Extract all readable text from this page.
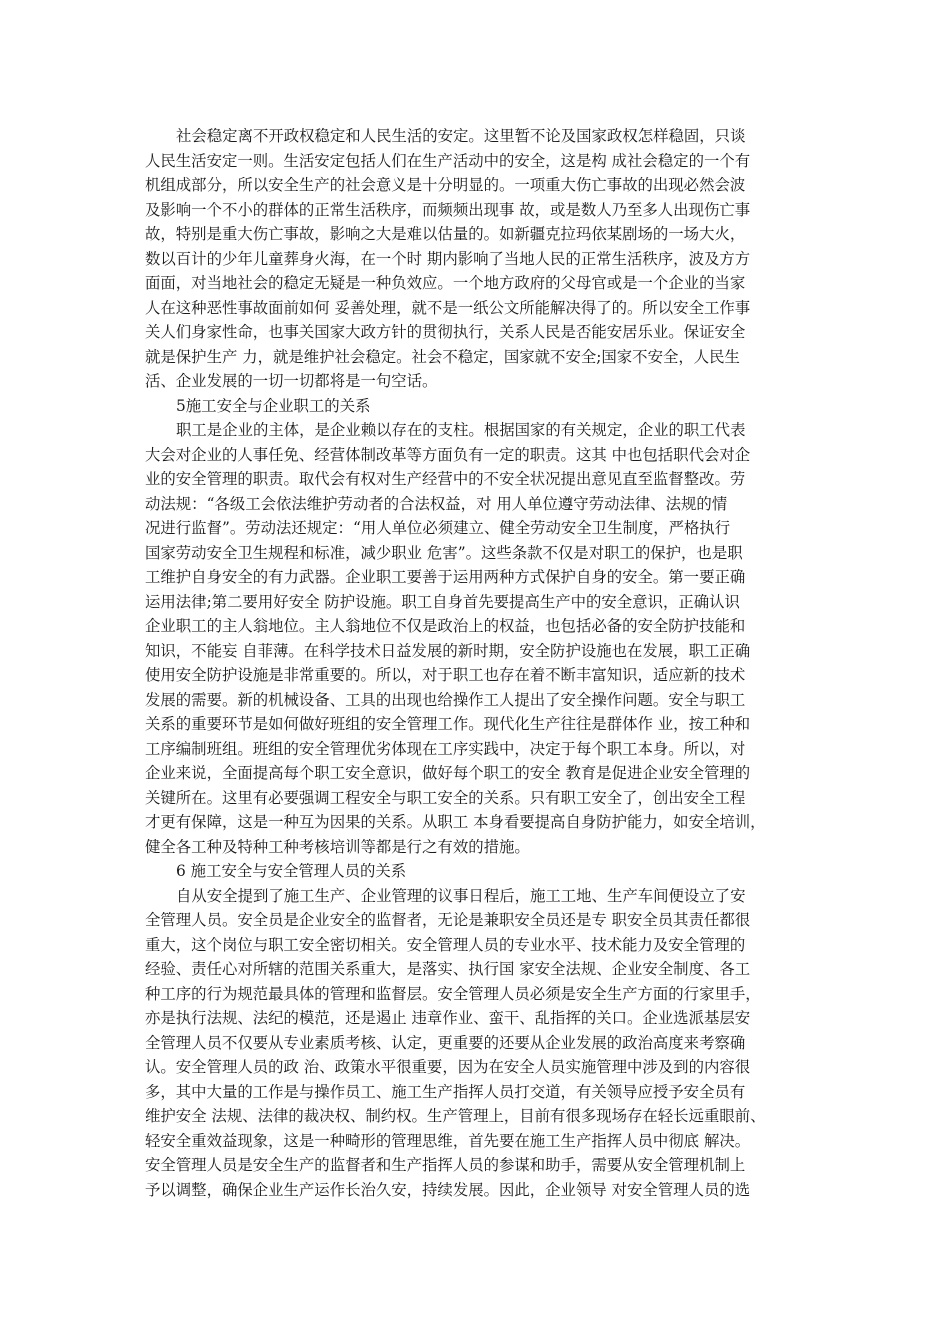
社会稳定离不开政权稳定和人民生活的安定。这里暂不论及国家政权怎样稳固，只谈
人民生活安定一则。生活安定包括人们在生产活动中的安全，这是构 成社会稳定的一个有
机组成部分，所以安全生产的社会意义是十分明显的。一项重大伤亡事故的出现必然会波
及影响一个不小的群体的正常生活秩序，而频频出现事 故，或是数人乃至多人出现伤亡事
故，特别是重大伤亡事故，影响之大是难以估量的。如新疆克拉玛依某剧场的一场大火，
数以百计的少年儿童葬身火海，在一个时 期内影响了当地人民的正常生活秩序，波及方方
面面，对当地社会的稳定无疑是一种负效应。一个地方政府的父母官或是一个企业的当家
人在这种恶性事故面前如何 妥善处理，就不是一纸公文所能解决得了的。所以安全工作事
关人们身家性命，也事关国家大政方针的贯彻执行，关系人民是否能安居乐业。保证安全
就是保护生产 力，就是维护社会稳定。社会不稳定，国家就不安全;国家不安全，人民生
活、企业发展的一切一切都将是一句空话。
5施工安全与企业职工的关系
职工是企业的主体，是企业赖以存在的支柱。根据国家的有关规定，企业的职工代表
大会对企业的人事任免、经营体制改革等方面负有一定的职责。这其 中也包括职代会对企
业的安全管理的职责。取代会有权对生产经营中的不安全状况提出意见直至监督整改。劳
动法规：“各级工会依法维护劳动者的合法权益，对 用人单位遵守劳动法律、法规的情
况进行监督”。劳动法还规定：“用人单位必须建立、健全劳动安全卫生制度，严格执行
国家劳动安全卫生规程和标准，减少职业 危害”。这些条款不仅是对职工的保护，也是职
工维护自身安全的有力武器。企业职工要善于运用两种方式保护自身的安全。第一要正确
运用法律;第二要用好安全 防护设施。职工自身首先要提高生产中的安全意识，正确认识
企业职工的主人翁地位。主人翁地位不仅是政治上的权益，也包括必备的安全防护技能和
知识，不能妄 自菲薄。在科学技术日益发展的新时期，安全防护设施也在发展，职工正确
使用安全防护设施是非常重要的。所以，对于职工也存在着不断丰富知识，适应新的技术
发展的需要。新的机械设备、工具的出现也给操作工人提出了安全操作问题。安全与职工
关系的重要环节是如何做好班组的安全管理工作。现代化生产往往是群体作 业，按工种和
工序编制班组。班组的安全管理优劣体现在工序实践中，决定于每个职工本身。所以，对
企业来说，全面提高每个职工安全意识，做好每个职工的安全 教育是促进企业安全管理的
关键所在。这里有必要强调工程安全与职工安全的关系。只有职工安全了，创出安全工程
才更有保障，这是一种互为因果的关系。从职工 本身看要提高自身防护能力，如安全培训，
健全各工种及特种工种考核培训等都是行之有效的措施。
6 施工安全与安全管理人员的关系
自从安全提到了施工生产、企业管理的议事日程后，施工工地、生产车间便设立了安
全管理人员。安全员是企业安全的监督者，无论是兼职安全员还是专 职安全员其责任都很
重大，这个岗位与职工安全密切相关。安全管理人员的专业水平、技术能力及安全管理的
经验、责任心对所辖的范围关系重大，是落实、执行国 家安全法规、企业安全制度、各工
种工序的行为规范最具体的管理和监督层。安全管理人员必须是安全生产方面的行家里手，
亦是执行法规、法纪的模范，还是遏止 违章作业、蛮干、乱指挥的关口。企业选派基层安
全管理人员不仅要从专业素质考核、认定，更重要的还要从企业发展的政治高度来考察确
认。安全管理人员的政 治、政策水平很重要，因为在安全人员实施管理中涉及到的内容很
多，其中大量的工作是与操作员工、施工生产指挥人员打交道，有关领导应授予安全员有
维护安全 法规、法律的裁决权、制约权。生产管理上，目前有很多现场存在轻长远重眼前、
轻安全重效益现象，这是一种畸形的管理思维，首先要在施工生产指挥人员中彻底 解决。
安全管理人员是安全生产的监督者和生产指挥人员的参谋和助手，需要从安全管理机制上
予以调整，确保企业生产运作长治久安，持续发展。因此，企业领导 对安全管理人员的选
